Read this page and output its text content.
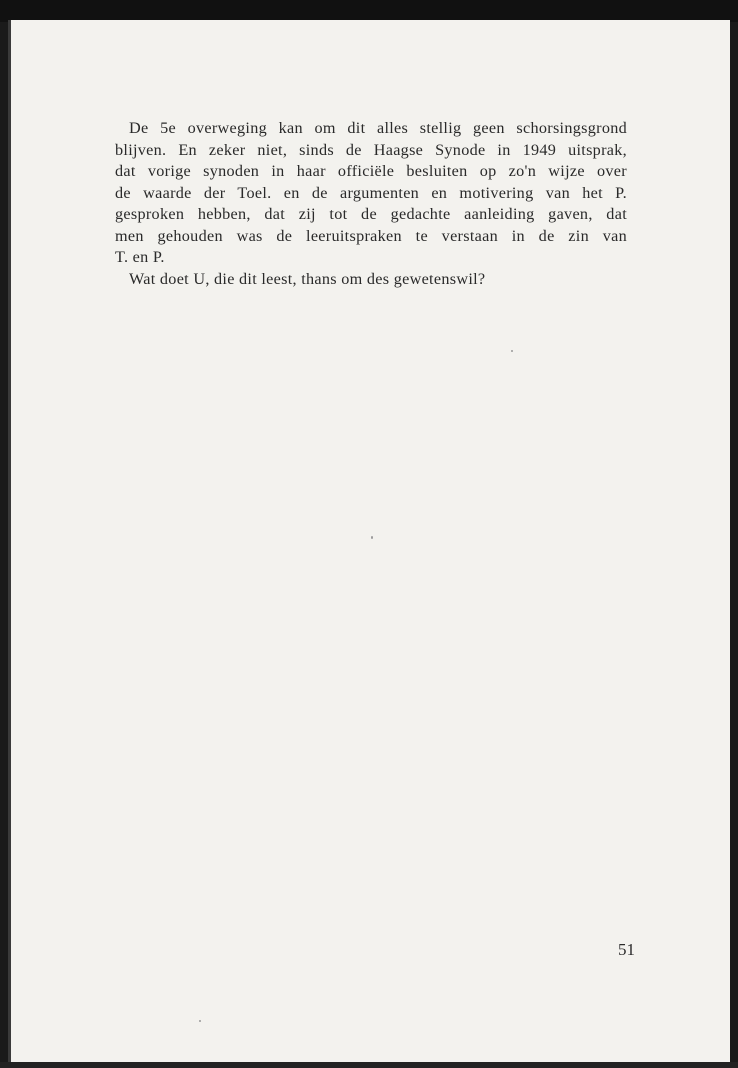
De 5e overweging kan om dit alles stellig geen schorsingsgrond
blijven. En zeker niet, sinds de Haagse Synode in 1949 uitsprak,
dat vorige synoden in haar officiële besluiten op zo'n wijze over
de waarde der Toel. en de argumenten en motivering van het P.
gesproken hebben, dat zij tot de gedachte aanleiding gaven, dat
men gehouden was de leeruitspraken te verstaan in de zin van
T. en P.
Wat doet U, die dit leest, thans om des gewetenswil?
51
